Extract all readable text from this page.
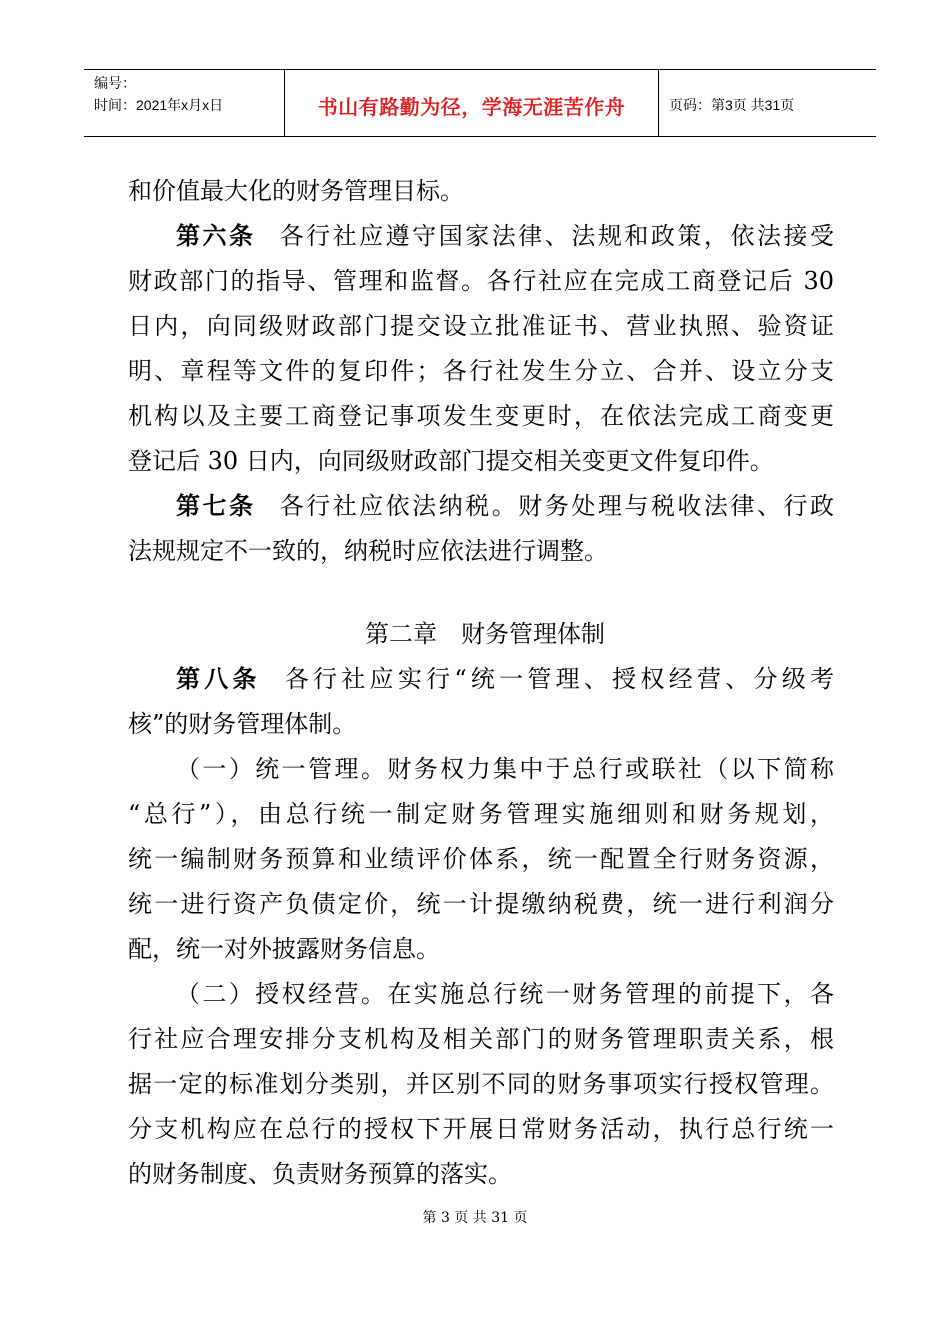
编号：
时间：2021年x月x日	书山有路勤为径，学海无涯苦作舟	页码：第3页 共31页
和价值最大化的财务管理目标。
第六条 各行社应遵守国家法律、法规和政策，依法接受
财政部门的指导、管理和监督。各行社应在完成工商登记后 30
日内，向同级财政部门提交设立批准证书、营业执照、验资证
明、章程等文件的复印件；各行社发生分立、合并、设立分支
机构以及主要工商登记事项发生变更时，在依法完成工商变更
登记后 30 日内，向同级财政部门提交相关变更文件复印件。
第七条 各行社应依法纳税。财务处理与税收法律、行政
法规规定不一致的，纳税时应依法进行调整。
第二章 财务管理体制
第八条 各行社应实行“统一管理、授权经营、分级考
核”的财务管理体制。
（一）统一管理。财务权力集中于总行或联社（以下简称
“总行”），由总行统一制定财务管理实施细则和财务规划，
统一编制财务预算和业绩评价体系，统一配置全行财务资源，
统一进行资产负债定价，统一计提缴纳税费，统一进行利润分
配，统一对外披露财务信息。
（二）授权经营。在实施总行统一财务管理的前提下，各
行社应合理安排分支机构及相关部门的财务管理职责关系，根
据一定的标准划分类别，并区别不同的财务事项实行授权管理。
分支机构应在总行的授权下开展日常财务活动，执行总行统一
的财务制度、负责财务预算的落实。
第 3 页 共 31 页
